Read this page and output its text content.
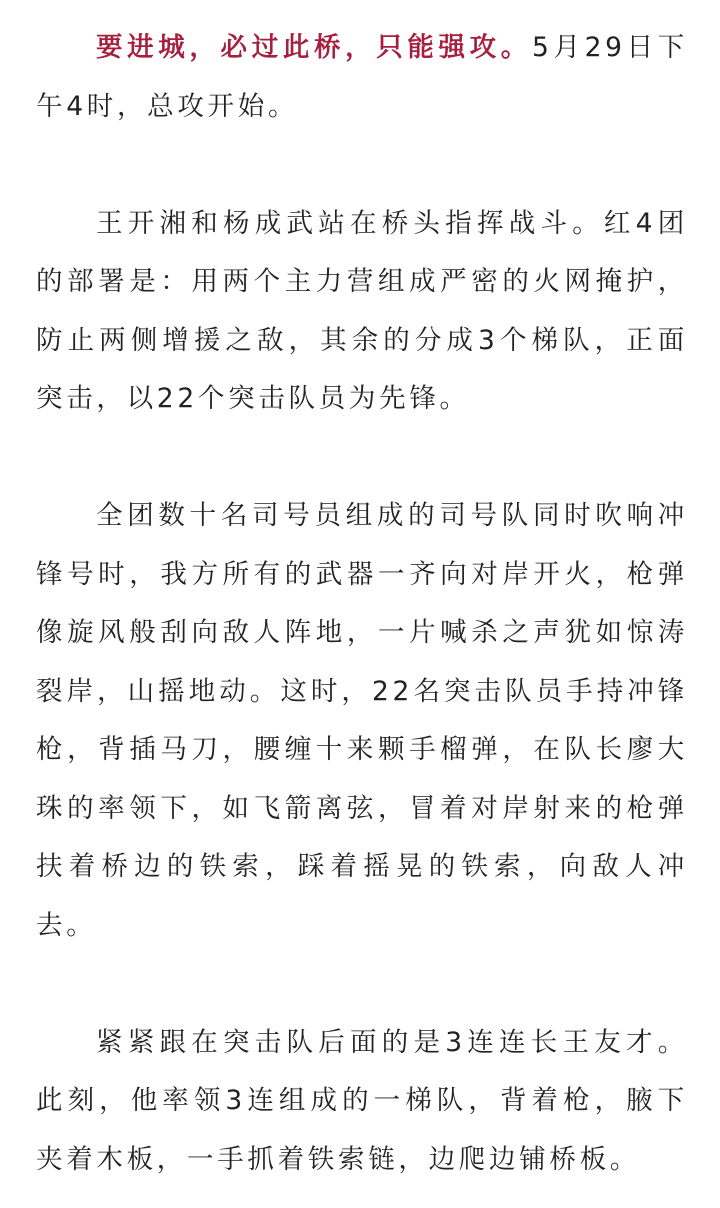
要进城，必过此桥，只能强攻。5月29日下午4时，总攻开始。

王开湘和杨成武站在桥头指挥战斗。红4团的部署是：用两个主力营组成严密的火网掩护，防止两侧增援之敌，其余的分成3个梯队，正面突击，以22个突击队员为先锋。

全团数十名司号员组成的司号队同时吹响冲锋号时，我方所有的武器一齐向对岸开火，枪弹像旋风般刮向敌人阵地，一片喊杀之声犹如惊涛裂岸，山摇地动。这时，22名突击队员手持冲锋枪，背插马刀，腰缠十来颗手榴弹，在队长廖大珠的率领下，如飞箭离弦，冒着对岸射来的枪弹扶着桥边的铁索，踩着摇晃的铁索，向敌人冲去。

紧紧跟在突击队后面的是3连连长王友才。此刻，他率领3连组成的一梯队，背着枪，腋下夹着木板，一手抓着铁索链，边爬边铺桥板。
